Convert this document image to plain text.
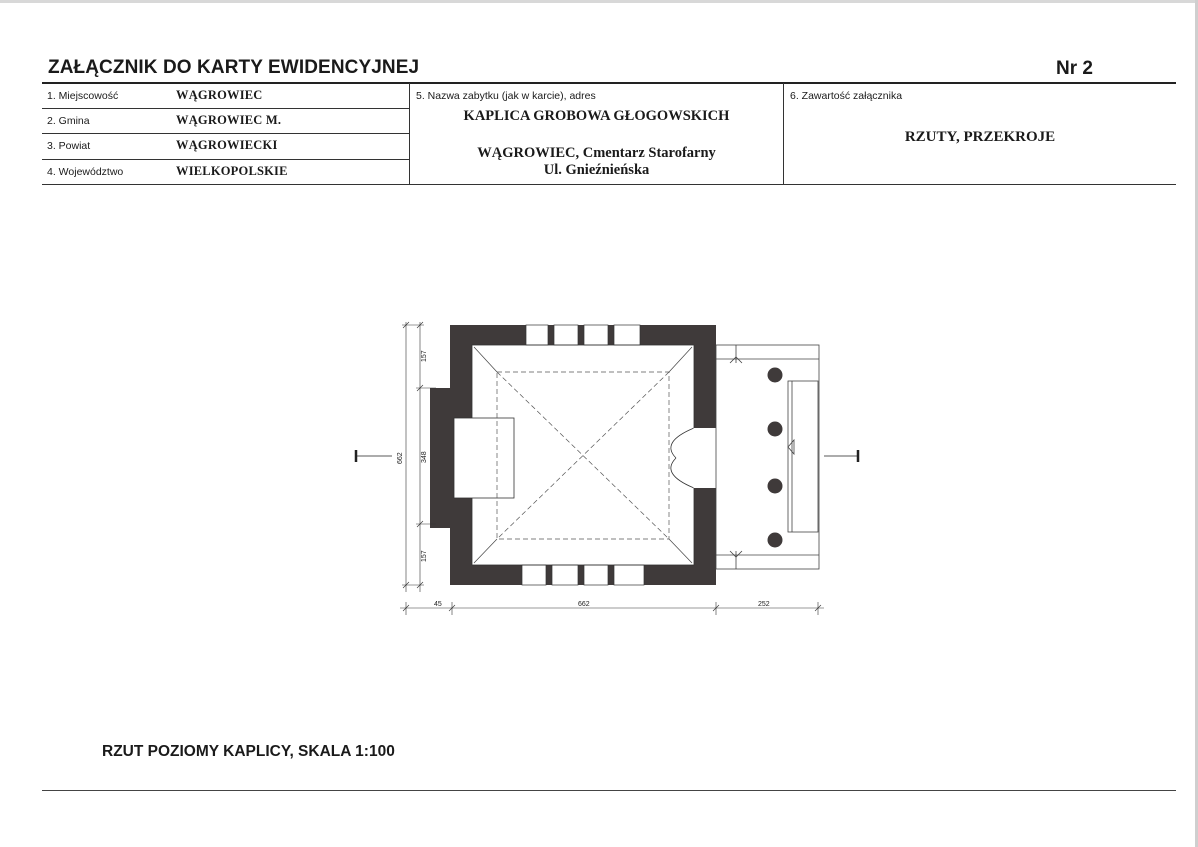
ZAŁĄCZNIK DO KARTY EWIDENCYJNEJ	Nr 2
1. Miejscowość	WĄGROWIEC
2. Gmina	WĄGROWIEC M.
3. Powiat	WĄGROWIECKI
4. Województwo	WIELKOPOLSKIE
5. Nazwa zabytku (jak w karcie), adres
KAPLICA GROBOWA GŁOGOWSKICH
WĄGROWIEC, Cmentarz Starofarny
Ul. Gnieźnieńska
6. Zawartość załącznika
RZUTY, PRZEKROJE
157
348
662
157
45	662	252
RZUT POZIOMY KAPLICY, SKALA 1:100
